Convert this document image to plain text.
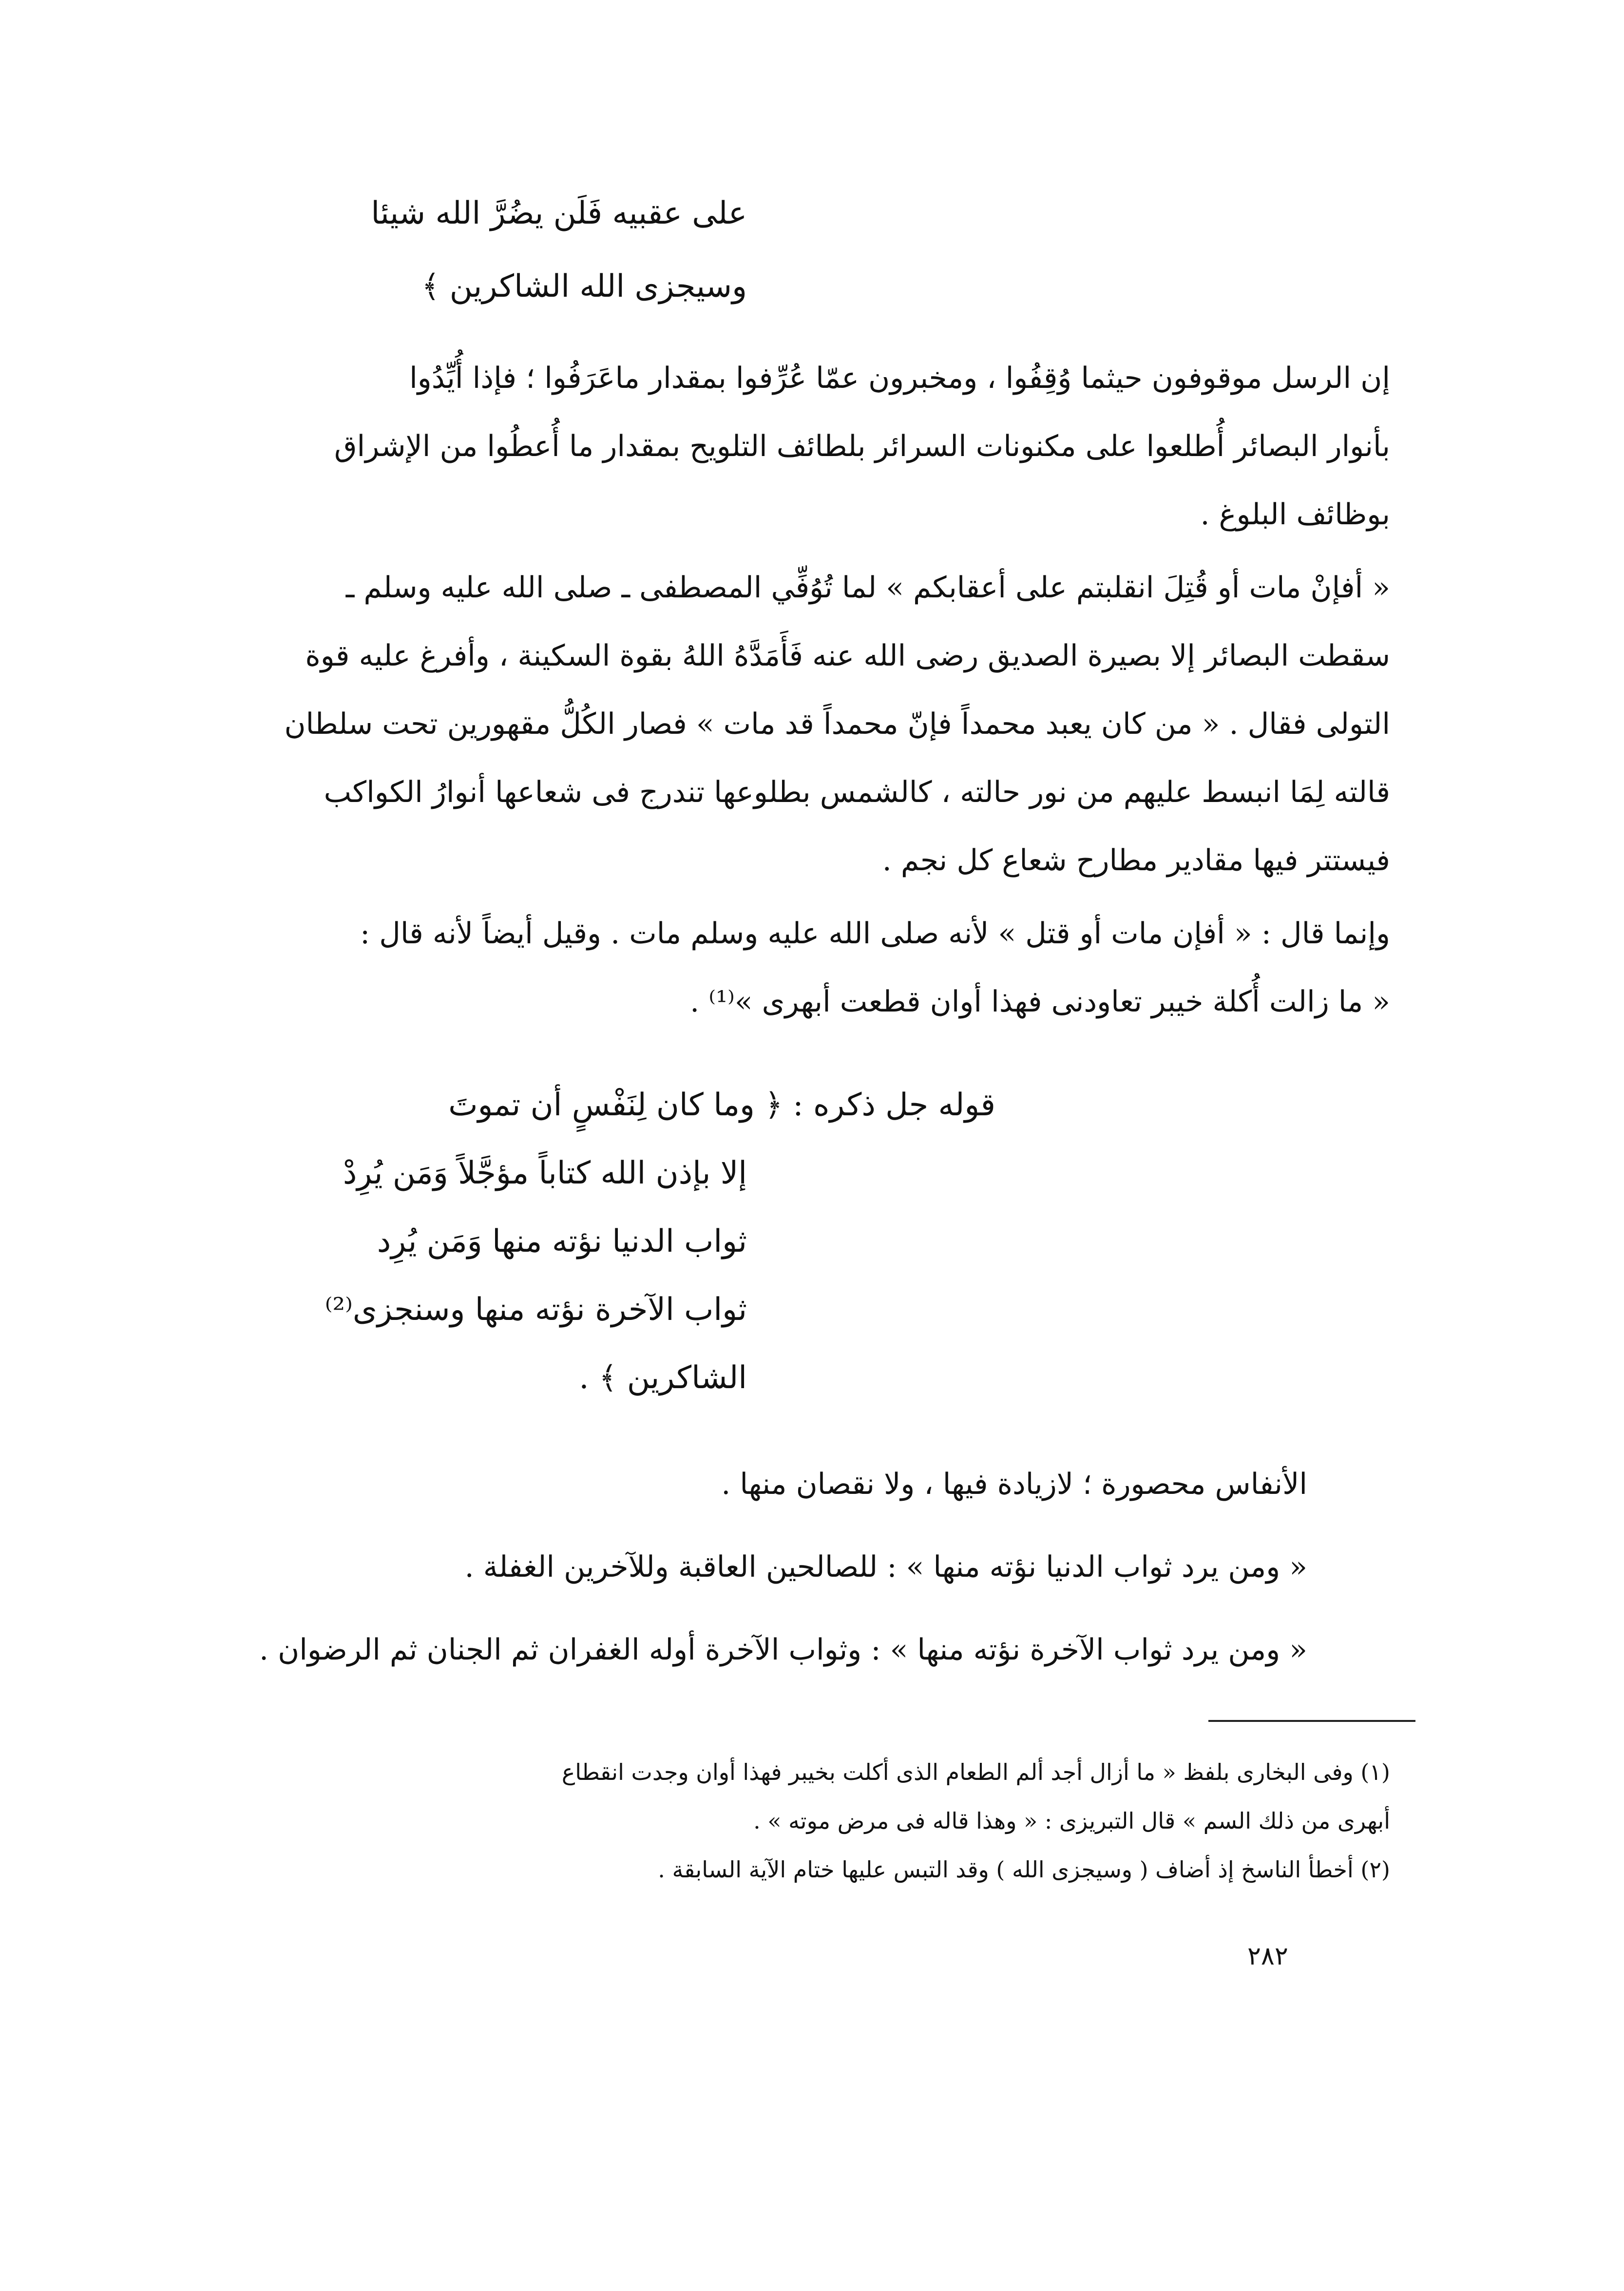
على عقبيه فَلَن يضُرَّ الله شيئا
وسيجزى الله الشاكرين ﴾
إن الرسل موقوفون حيثما وُقِفُوا ، ومخبرون عمّا عُرِّفوا بمقدار ماعَرَفُوا ؛ فإذا أُيِّدُوا
بأنوار البصائر أُطلعوا على مكنونات السرائر بلطائف التلويح بمقدار ما أُعطُوا من الإشراق
بوظائف البلوغ .
« أفإنْ مات أو قُتِلَ انقلبتم على أعقابكم » لما تُوُفِّي المصطفى ـ صلى الله عليه وسلم ـ
سقطت البصائر إلا بصيرة الصديق رضى الله عنه فَأَمَدَّهُ اللهُ بقوة السكينة ، وأفرغ عليه قوة
التولى فقال . « من كان يعبد محمداً فإنّ محمداً قد مات » فصار الكُلُّ مقهورين تحت سلطان
قالته لِمَا انبسط عليهم من نور حالته ، كالشمس بطلوعها تندرج فى شعاعها أنوارُ الكواكب
فيستتر فيها مقادير مطارح شعاع كل نجم .
وإنما قال : « أفإن مات أو قتل » لأنه صلى الله عليه وسلم مات . وقيل أيضاً لأنه قال :
« ما زالت أُكلة خيبر تعاودنى فهذا أوان قطعت أبهرى »⁽¹⁾ .
قوله جل ذكره : ﴿ وما كان لِنَفْسٍ أن تموتَ
إلا بإذن الله كتاباً مؤجَّلاً وَمَن يُرِدْ
ثواب الدنيا نؤته منها وَمَن يُرِد
ثواب الآخرة نؤته منها وسنجزى⁽²⁾
الشاكرين ﴾ .
الأنفاس محصورة ؛ لازيادة فيها ، ولا نقصان منها .
« ومن يرد ثواب الدنيا نؤته منها » : للصالحين العاقبة وللآخرين الغفلة .
« ومن يرد ثواب الآخرة نؤته منها » : وثواب الآخرة أوله الغفران ثم الجنان ثم الرضوان .
(١) وفى البخارى بلفظ « ما أزال أجد ألم الطعام الذى أكلت بخيبر فهذا أوان وجدت انقطاع
أبهرى من ذلك السم » قال التبريزى : « وهذا قاله فى مرض موته » .
(٢) أخطأ الناسخ إذ أضاف ( وسيجزى الله ) وقد التبس عليها ختام الآية السابقة .
٢٨٢
